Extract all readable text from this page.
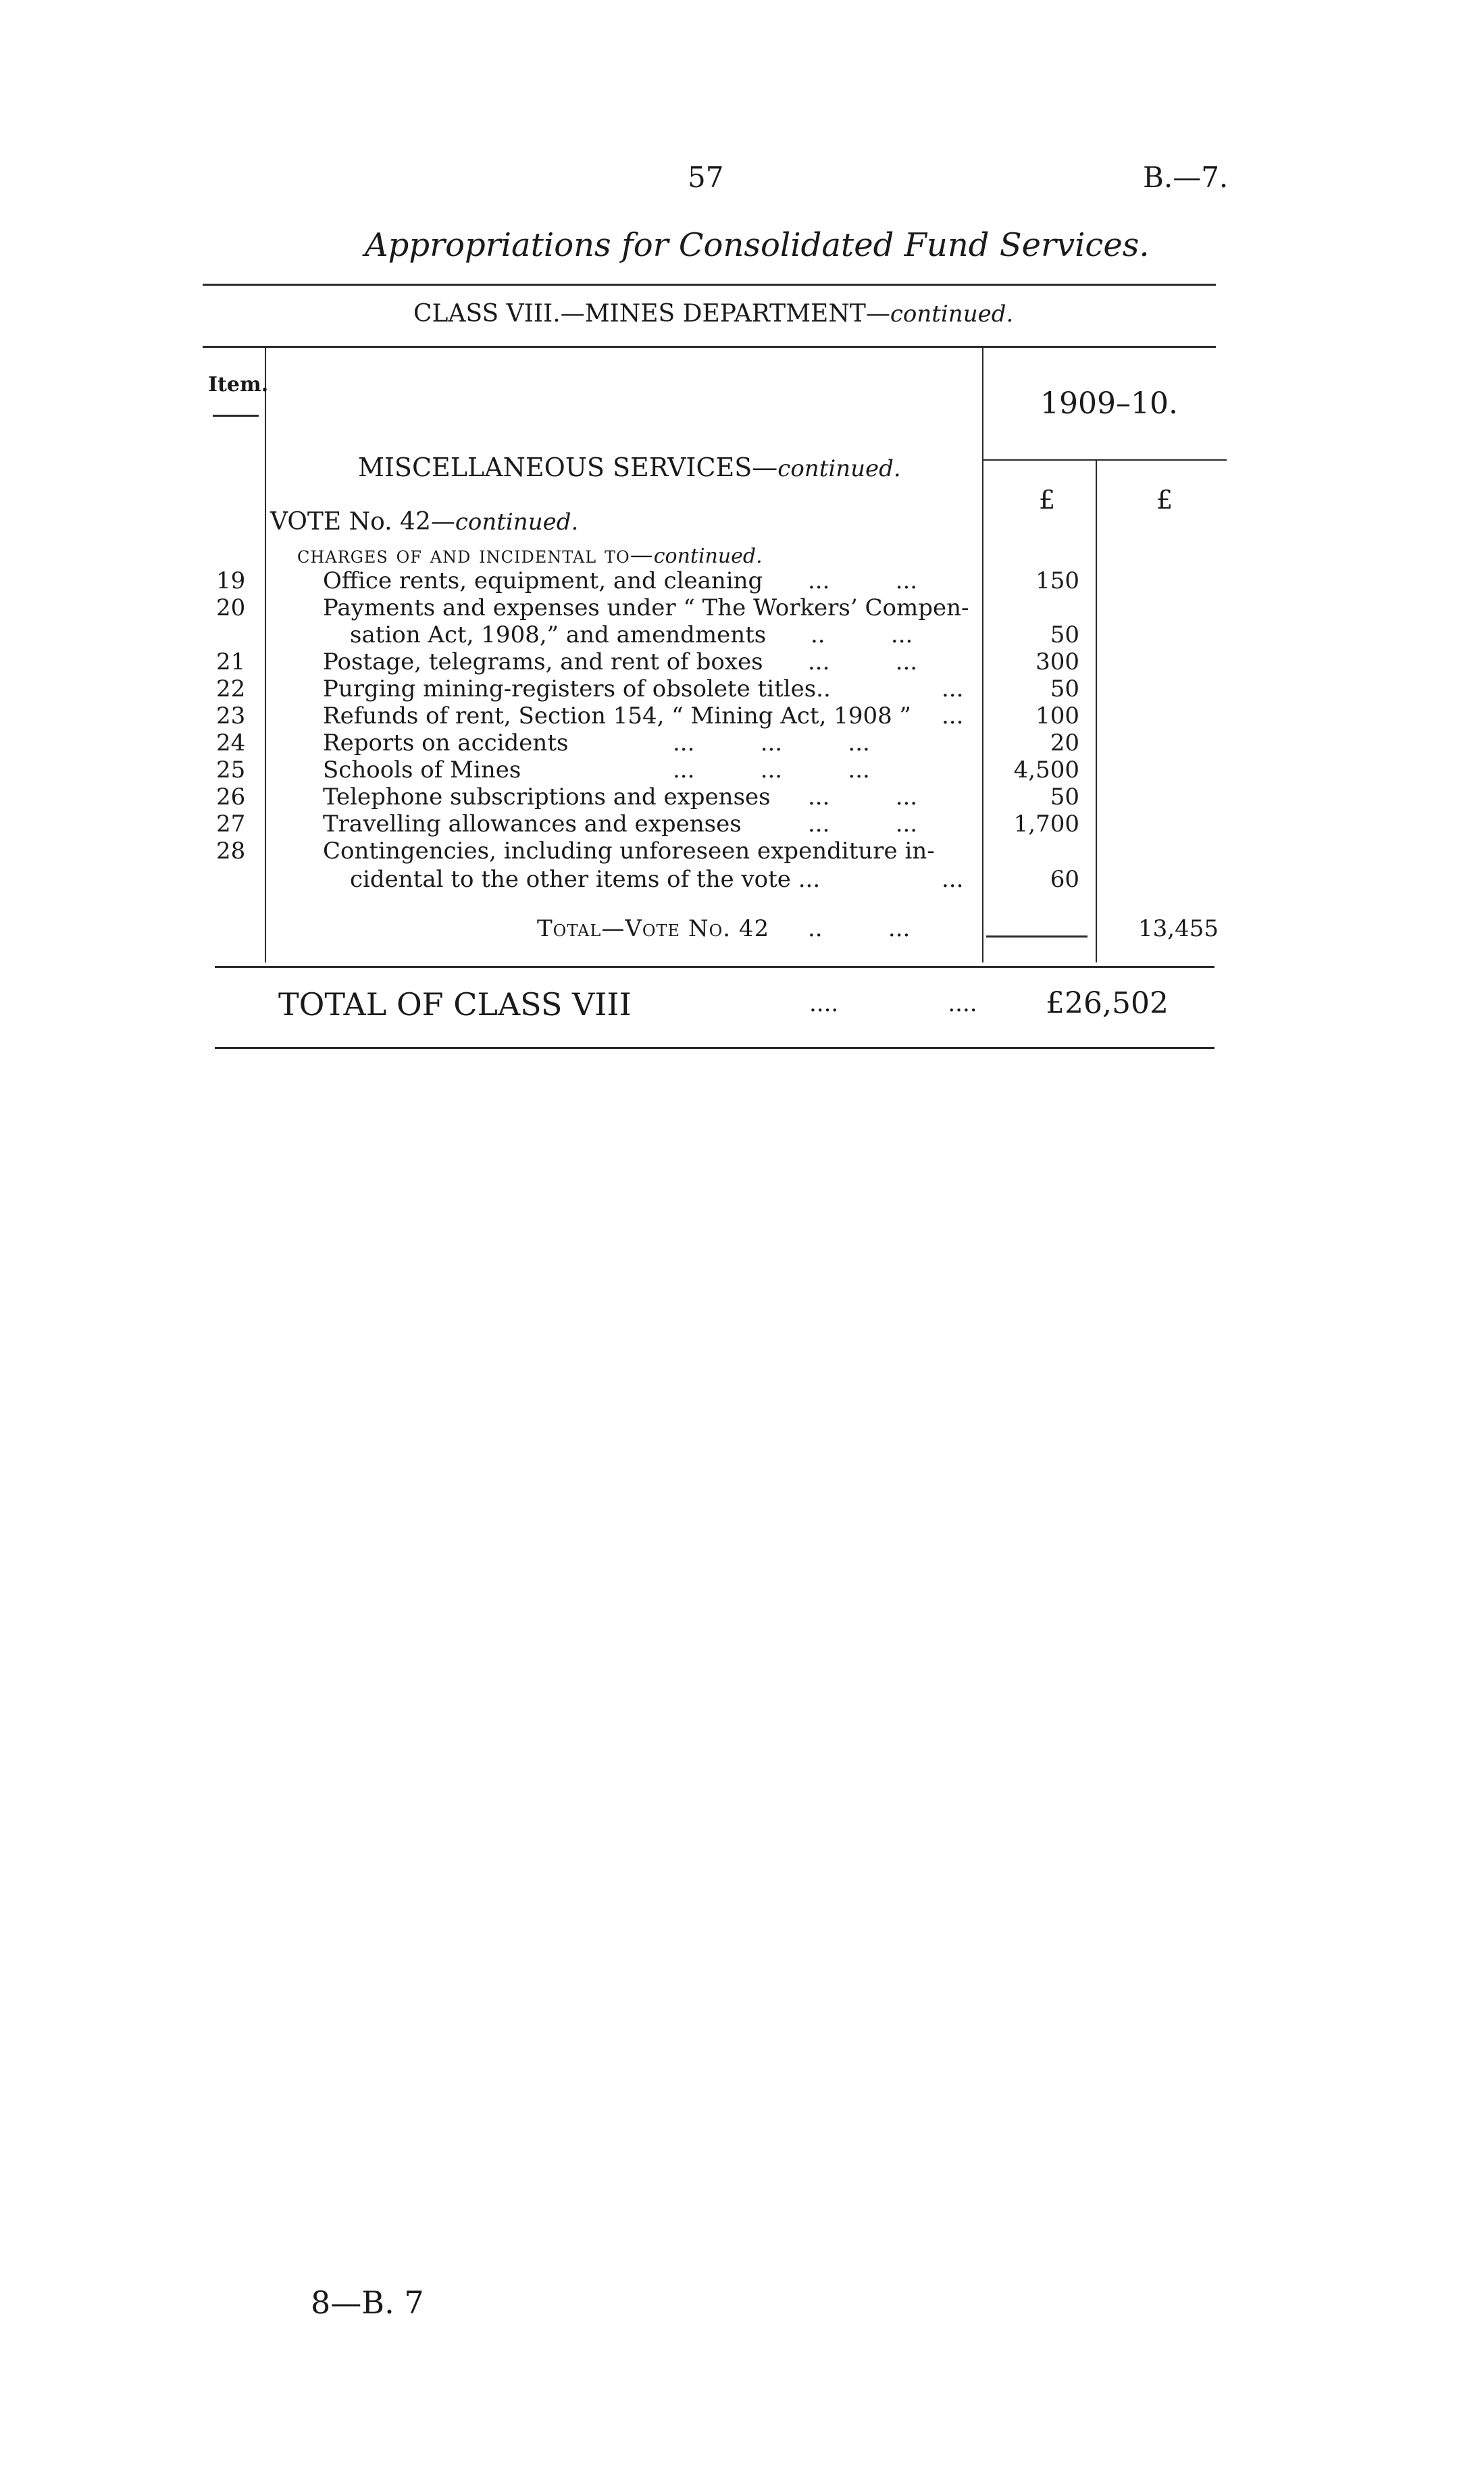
57	B.—7.
Appropriations for Consolidated Fund Services.
CLASS VIII.—MINES DEPARTMENT—continued.
Item.
1909–10.
£	£
MISCELLANEOUS SERVICES—continued.
VOTE No. 42—continued.
charges of and incidental to—continued.
19	Office rents, equipment, and cleaning ...         ...	150
20	Payments and expenses under “ The Workers’ Compen-
sation Act, 1908,” and amendments ..         ...	50
21	Postage, telegrams, and rent of boxes ...         ...	300
22	Purging mining-registers of obsolete titles..	...	50
23	Refunds of rent, Section 154, “ Mining Act, 1908 ” ...	100
24	Reports on accidents	...         ...         ...	20
25	Schools of Mines	...         ...         ...	4,500
26	Telephone subscriptions and expenses ...         ...	50
27	Travelling allowances and expenses	...         ...	1,700
28	Contingencies, including unforeseen expenditure in-
cidental to the other items of the vote ...	...	60
Total—Vote No. 42 ..         ...	13,455
TOTAL OF CLASS VIII	....               .... £26,502
8—B. 7
